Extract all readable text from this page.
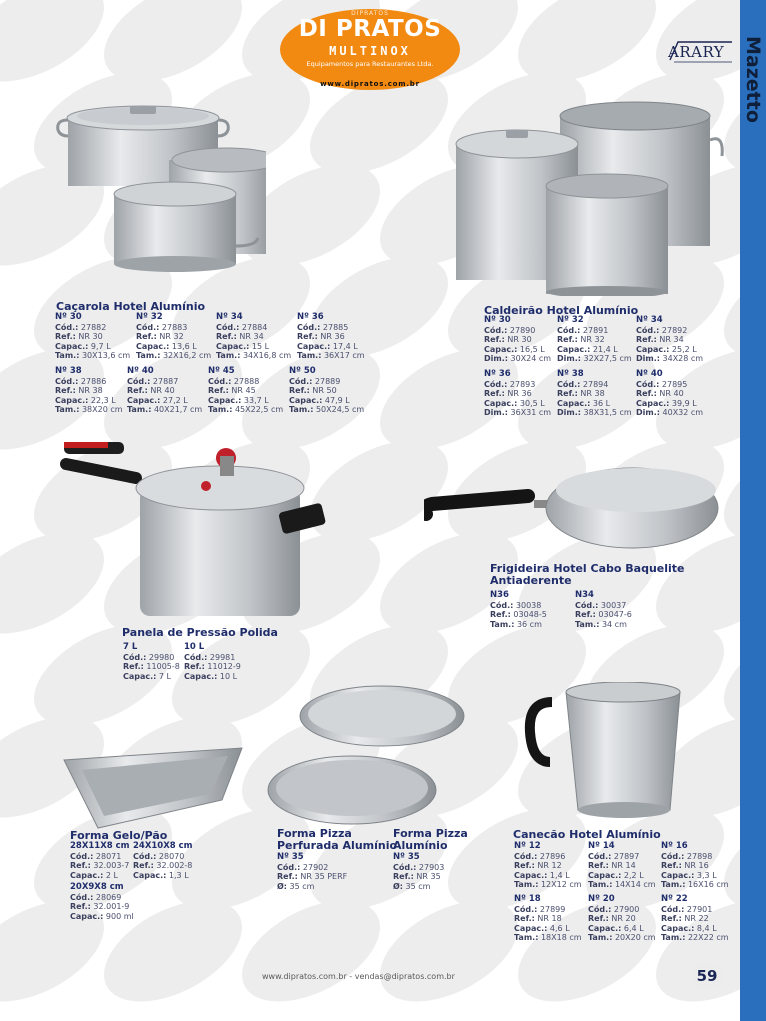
DIPRATOS
DI PRATOS
MULTINOX
Equipamentos para Restaurantes Ltda.
www.dipratos.com.br
ARARY Mazetto
Caçarola Hotel Alumínio
Nº 30
Cód.: 27882
Ref.: NR 30
Capac.: 9,7 L
Tam.: 30X13,6 cm
Nº 32
Cód.: 27883
Ref.: NR 32
Capac.: 13,6 L
Tam.: 32X16,2 cm
Nº 34
Cód.: 27884
Ref.: NR 34
Capac.: 15 L
Tam.: 34X16,8 cm
Nº 36
Cód.: 27885
Ref.: NR 36
Capac.: 17,4 L
Tam.: 36X17 cm
Nº 38
Cód.: 27886
Ref.: NR 38
Capac.: 22,3 L
Tam.: 38X20 cm
Nº 40
Cód.: 27887
Ref.: NR 40
Capac.: 27,2 L
Tam.: 40X21,7 cm
Nº 45
Cód.: 27888
Ref.: NR 45
Capac.: 33,7 L
Tam.: 45X22,5 cm
Nº 50
Cód.: 27889
Ref.: NR 50
Capac.: 47,9 L
Tam.: 50X24,5 cm
Caldeirão Hotel Alumínio
Nº 30
Cód.: 27890
Ref.: NR 30
Capac.: 16,5 L
Dim.: 30X24 cm
Nº 32
Cód.: 27891
Ref.: NR 32
Capac.: 21,4 L
Dim.: 32X27,5 cm
Nº 34
Cód.: 27892
Ref.: NR 34
Capac.: 25,2 L
Dim.: 34X28 cm
Nº 36
Cód.: 27893
Ref.: NR 36
Capac.: 30,5 L
Dim.: 36X31 cm
Nº 38
Cód.: 27894
Ref.: NR 38
Capac.: 36 L
Dim.: 38X31,5 cm
Nº 40
Cód.: 27895
Ref.: NR 40
Capac.: 39,9 L
Dim.: 40X32 cm
Panela de Pressão Polida
7 L
Cód.: 29980
Ref.: 11005-8
Capac.: 7 L
10 L
Cód.: 29981
Ref.: 11012-9
Capac.: 10 L
Frigideira Hotel Cabo Baquelite
Antiaderente
N36
Cód.: 30038
Ref.: 03048-5
Tam.: 36 cm
N34
Cód.: 30037
Ref.: 03047-6
Tam.: 34 cm
Forma Gelo/Pão
28X11X8 cm
Cód.: 28071
Ref.: 32.003-7
Capac.: 2 L
24X10X8 cm
Cód.: 28070
Ref.: 32.002-8
Capac.: 1,3 L
20X9X8 cm
Cód.: 28069
Ref.: 32.001-9
Capac.: 900 ml
Forma Pizza
Perfurada Alumínio
Nº 35
Cód.: 27902
Ref.: NR 35 PERF
Ø: 35 cm
Forma Pizza
Alumínio
Nº 35
Cód.: 27903
Ref.: NR 35
Ø: 35 cm
Canecão Hotel Alumínio
Nº 12
Cód.: 27896
Ref.: NR 12
Capac.: 1,4 L
Tam.: 12X12 cm
Nº 14
Cód.: 27897
Ref.: NR 14
Capac.: 2,2 L
Tam.: 14X14 cm
Nº 16
Cód.: 27898
Ref.: NR 16
Capac.: 3,3 L
Tam.: 16X16 cm
Nº 18
Cód.: 27899
Ref.: NR 18
Capac.: 4,6 L
Tam.: 18X18 cm
Nº 20
Cód.: 27900
Ref.: NR 20
Capac.: 6,4 L
Tam.: 20X20 cm
Nº 22
Cód.: 27901
Ref.: NR 22
Capac.: 8,4 L
Tam.: 22X22 cm
www.dipratos.com.br - vendas@dipratos.com.br	59
